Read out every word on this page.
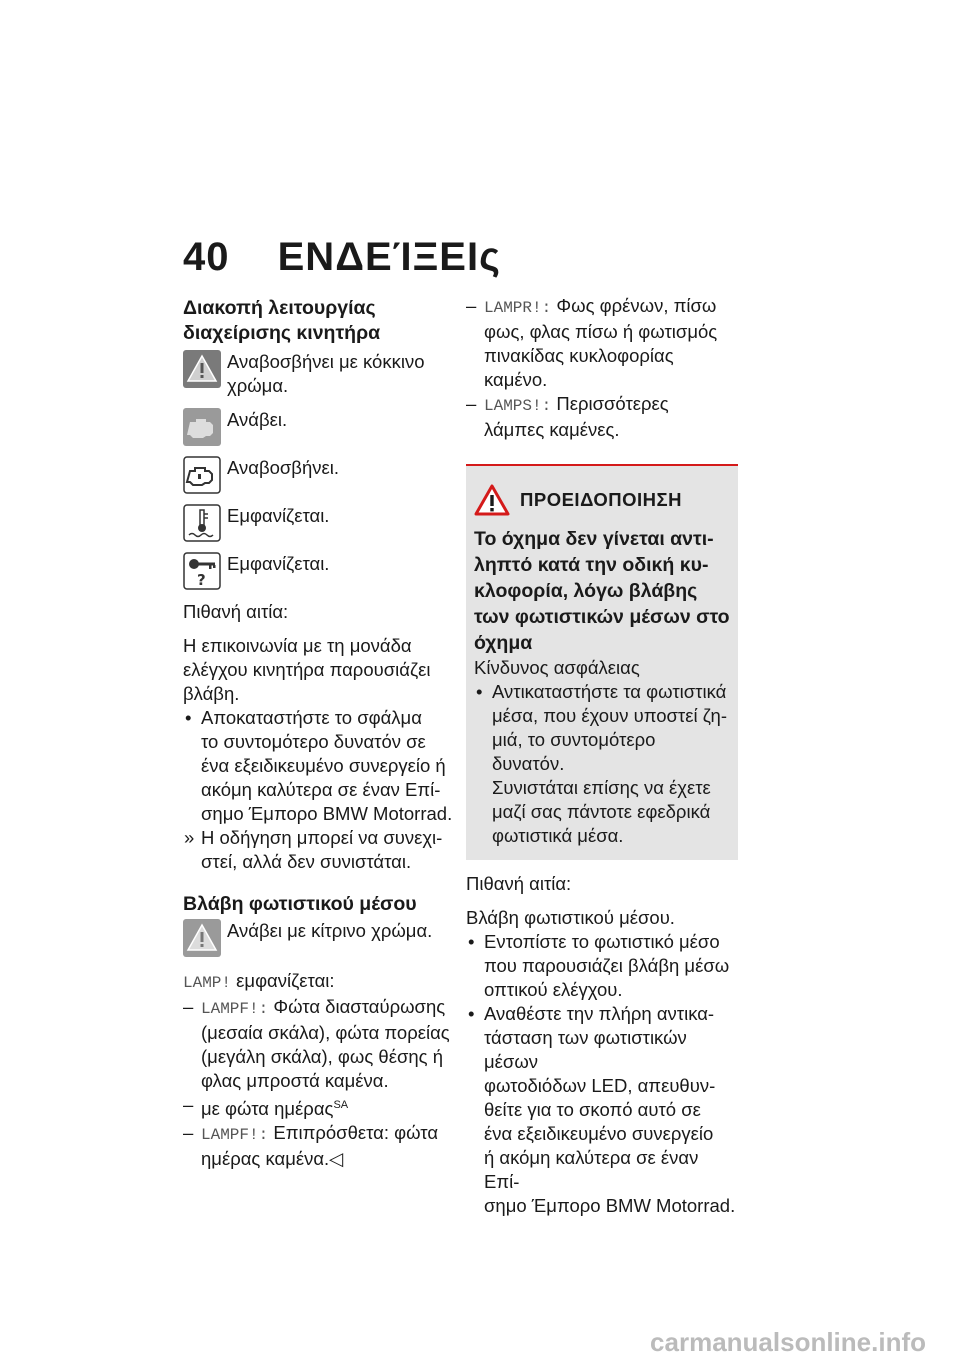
40 ΕΝΔΕΊΞΕΙς
Διακοπή λειτουργίας
διαχείρισης κινητήρα
Αναβοσβήνει με κόκκινο
χρώμα.
Ανάβει.
Αναβοσβήνει.
Εμφανίζεται.
?
Εμφανίζεται.

Πιθανή αιτία:

Η επικοινωνία με τη μονάδα
ελέγχου κινητήρα παρουσιάζει
βλάβη.

• Αποκαταστήστε το σφάλμα
το συντομότερο δυνατόν σε
ένα εξειδικευμένο συνεργείο ή
ακόμη καλύτερα σε έναν Επί-
σημο Έμπορο BMW Motorrad.

» Η οδήγηση μπορεί να συνεχι-
στεί, αλλά δεν συνιστάται.

Βλάβη φωτιστικού μέσου
Ανάβει με κίτρινο χρώμα.

LAMP! εμφανίζεται:

– LAMPF!: Φώτα διασταύρωσης
(μεσαία σκάλα), φώτα πορείας
(μεγάλη σκάλα), φως θέσης ή
φλας μπροστά καμένα.

– με φώτα ημέρας$^{SA}$

– LAMPF!: Επιπρόσθετα: φώτα
ημέρας καμένα.◁

– LAMPR!: Φως φρένων, πίσω
φως, φλας πίσω ή φωτισμός
πινακίδας κυκλοφορίας καμένο.

– LAMPS!: Περισσότερες
λάμπες καμένες.

ΠΡΟΕΙΔΟΠΟΙΗΣΗ
Το όχημα δεν γίνεται αντι-
ληπτό κατά την οδική κυ-
κλοφορία, λόγω βλάβης
των φωτιστικών μέσων στο
όχημα

Κίνδυνος ασφάλειας

• Αντικαταστήστε τα φωτιστικά
μέσα, που έχουν υποστεί ζη-
μιά, το συντομότερο δυνατόν.
Συνιστάται επίσης να έχετε
μαζί σας πάντοτε εφεδρικά
φωτιστικά μέσα.

Πιθανή αιτία:

Βλάβη φωτιστικού μέσου.

• Εντοπίστε το φωτιστικό μέσο
που παρουσιάζει βλάβη μέσω
οπτικού ελέγχου.

• Αναθέστε την πλήρη αντικα-
τάσταση των φωτιστικών μέσων
φωτοδιόδων LED, απευθυν-
θείτε για το σκοπό αυτό σε
ένα εξειδικευμένο συνεργείο
ή ακόμη καλύτερα σε έναν Επί-
σημο Έμπορο BMW Motorrad.

carmanualsonline.info
